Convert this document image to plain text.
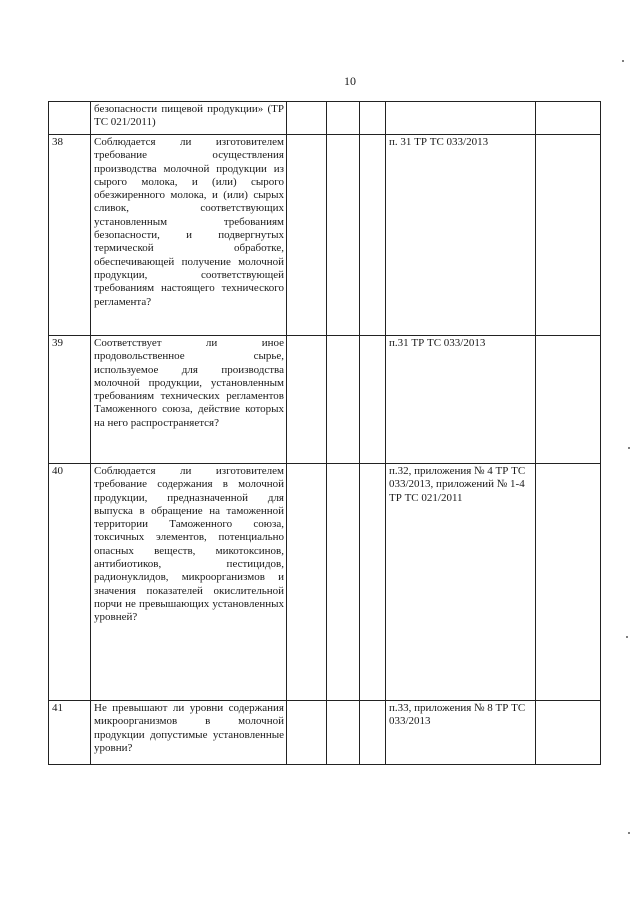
10
	безопасности пищевой продукции» (ТР ТС 021/2011)					
38	Соблюдается ли изготовителем требование осуществления производства молочной продукции из сырого молока, и (или) сырого обезжиренного молока, и (или) сырых сливок, соответствующих установленным требованиям безопасности, и подвергнутых термической обработке, обеспечивающей получение молочной продукции, соответствующей требованиям настоящего технического регламента?				п. 31 ТР ТС 033/2013	
39	Соответствует ли иное продовольственное сырье, используемое для производства молочной продукции, установленным требованиям технических регламентов Таможенного союза, действие которых на него распространяется?				п.31 ТР ТС 033/2013	
40	Соблюдается ли изготовителем требование содержания в молочной продукции, предназначенной для выпуска в обращение на таможенной территории Таможенного союза, токсичных элементов, потенциально опасных веществ, микотоксинов, антибиотиков, пестицидов, радионуклидов, микроорганизмов и значения показателей окислительной порчи не превышающих установленных уровней?				п.32, приложения № 4 ТР ТС 033/2013, приложений № 1-4 ТР ТС 021/2011	
41	Не превышают ли уровни содержания микроорганизмов в молочной продукции допустимые установленные уровни?				п.33, приложения № 8 ТР ТС 033/2013	
